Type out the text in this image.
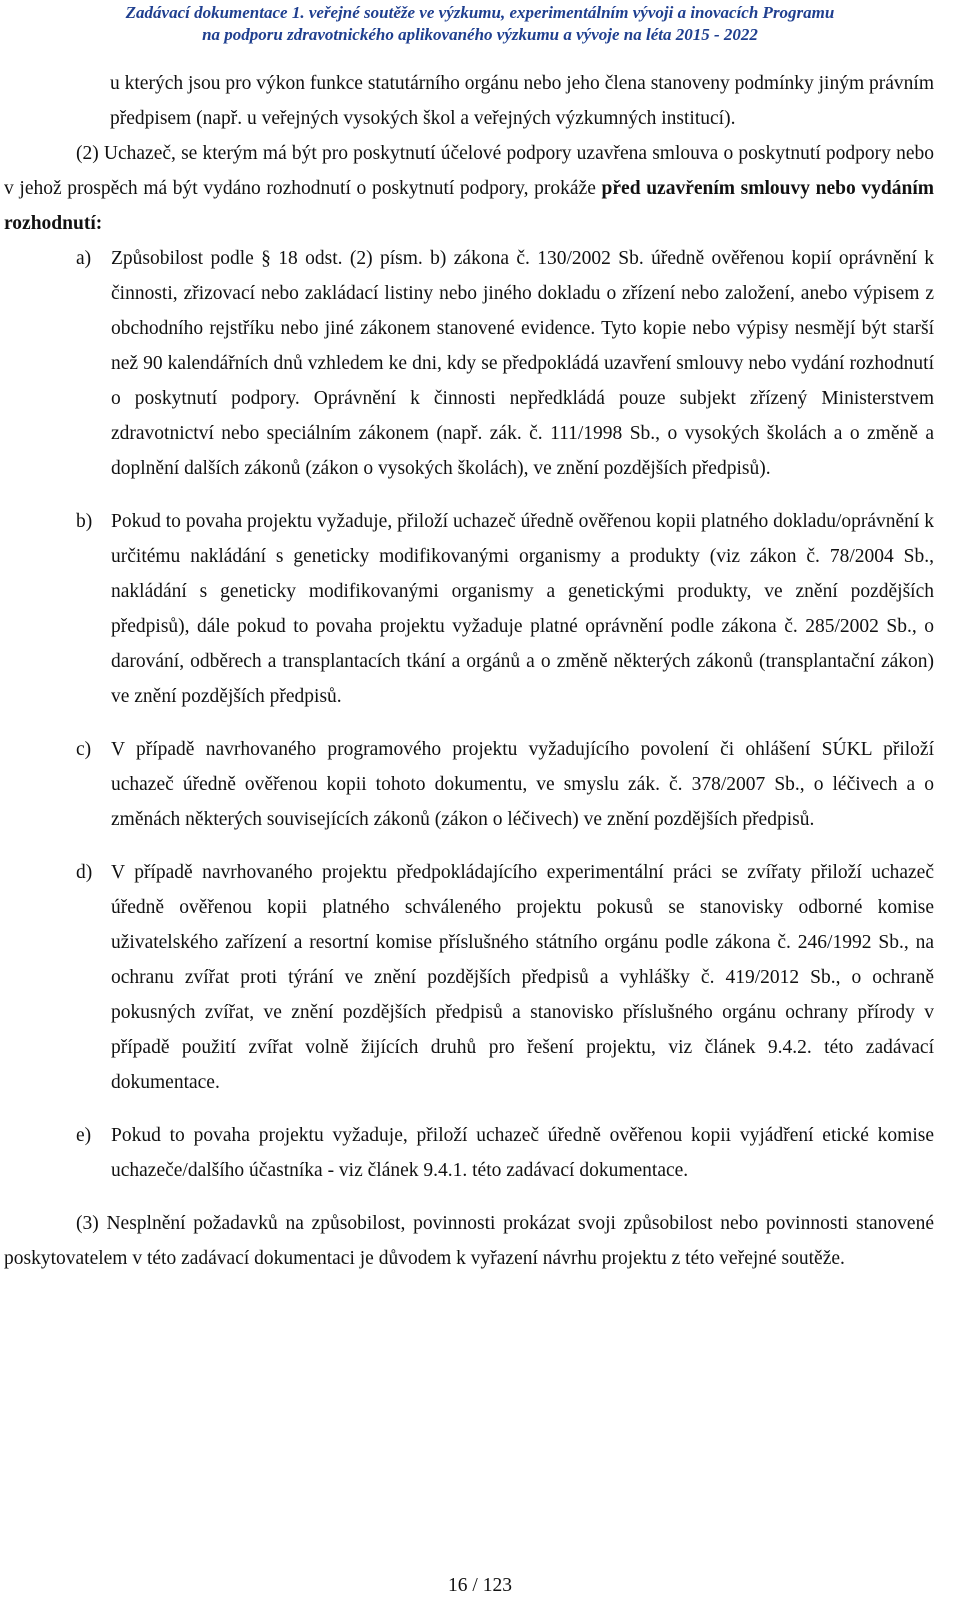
Zadávací dokumentace 1. veřejné soutěže ve výzkumu, experimentálním vývoji a inovacích Programu
na podporu zdravotnického aplikovaného výzkumu a vývoje na léta 2015 - 2022

u kterých jsou pro výkon funkce statutárního orgánu nebo jeho člena stanoveny podmínky jiným právním předpisem (např. u veřejných vysokých škol a veřejných výzkumných institucí).

(2) Uchazeč, se kterým má být pro poskytnutí účelové podpory uzavřena smlouva o poskytnutí podpory nebo v jehož prospěch má být vydáno rozhodnutí o poskytnutí podpory, prokáže před uzavřením smlouvy nebo vydáním rozhodnutí:

a)	Způsobilost podle § 18 odst. (2) písm. b) zákona č. 130/2002 Sb. úředně ověřenou kopií oprávnění k činnosti, zřizovací nebo zakládací listiny nebo jiného dokladu o zřízení nebo založení, anebo výpisem z obchodního rejstříku nebo jiné zákonem stanovené evidence. Tyto kopie nebo výpisy nesmějí být starší než 90 kalendářních dnů vzhledem ke dni, kdy se předpokládá uzavření smlouvy nebo vydání rozhodnutí o poskytnutí podpory. Oprávnění k činnosti nepředkládá pouze subjekt zřízený Ministerstvem zdravotnictví nebo speciálním zákonem (např. zák. č. 111/1998 Sb., o vysokých školách a o změně a doplnění dalších zákonů (zákon o vysokých školách), ve znění pozdějších předpisů).
b) Pokud to povaha projektu vyžaduje, přiloží uchazeč úředně ověřenou kopii platného dokladu/oprávnění k určitému nakládání s geneticky modifikovanými organismy a produkty (viz zákon č. 78/2004 Sb., nakládání s geneticky modifikovanými organismy a genetickými produkty, ve znění pozdějších předpisů), dále pokud to povaha projektu vyžaduje platné oprávnění podle zákona č. 285/2002 Sb., o darování, odběrech a transplantacích tkání a orgánů a o změně některých zákonů (transplantační zákon) ve znění pozdějších předpisů.
c)	V případě navrhovaného programového projektu vyžadujícího povolení či ohlášení SÚKL přiloží uchazeč úředně ověřenou kopii tohoto dokumentu, ve smyslu zák. č. 378/2007 Sb., o léčivech a o změnách některých souvisejících zákonů (zákon o léčivech) ve znění pozdějších předpisů.
d) V případě navrhovaného projektu předpokládajícího experimentální práci se zvířaty přiloží uchazeč úředně ověřenou kopii platného schváleného projektu pokusů se stanovisky odborné komise uživatelského zařízení a resortní komise příslušného státního orgánu podle zákona č. 246/1992 Sb., na ochranu zvířat proti týrání ve znění pozdějších předpisů a vyhlášky č. 419/2012 Sb., o ochraně pokusných zvířat, ve znění pozdějších předpisů a stanovisko příslušného orgánu ochrany přírody v případě použití zvířat volně žijících druhů pro řešení projektu, viz článek 9.4.2. této zadávací dokumentace.
e)	Pokud to povaha projektu vyžaduje, přiloží uchazeč úředně ověřenou kopii vyjádření etické komise uchazeče/dalšího účastníka - viz článek 9.4.1. této zadávací dokumentace.

(3) Nesplnění požadavků na způsobilost, povinnosti prokázat svoji způsobilost nebo povinnosti stanovené poskytovatelem v této zadávací dokumentaci je důvodem k vyřazení návrhu projektu z této veřejné soutěže.

16 / 123
